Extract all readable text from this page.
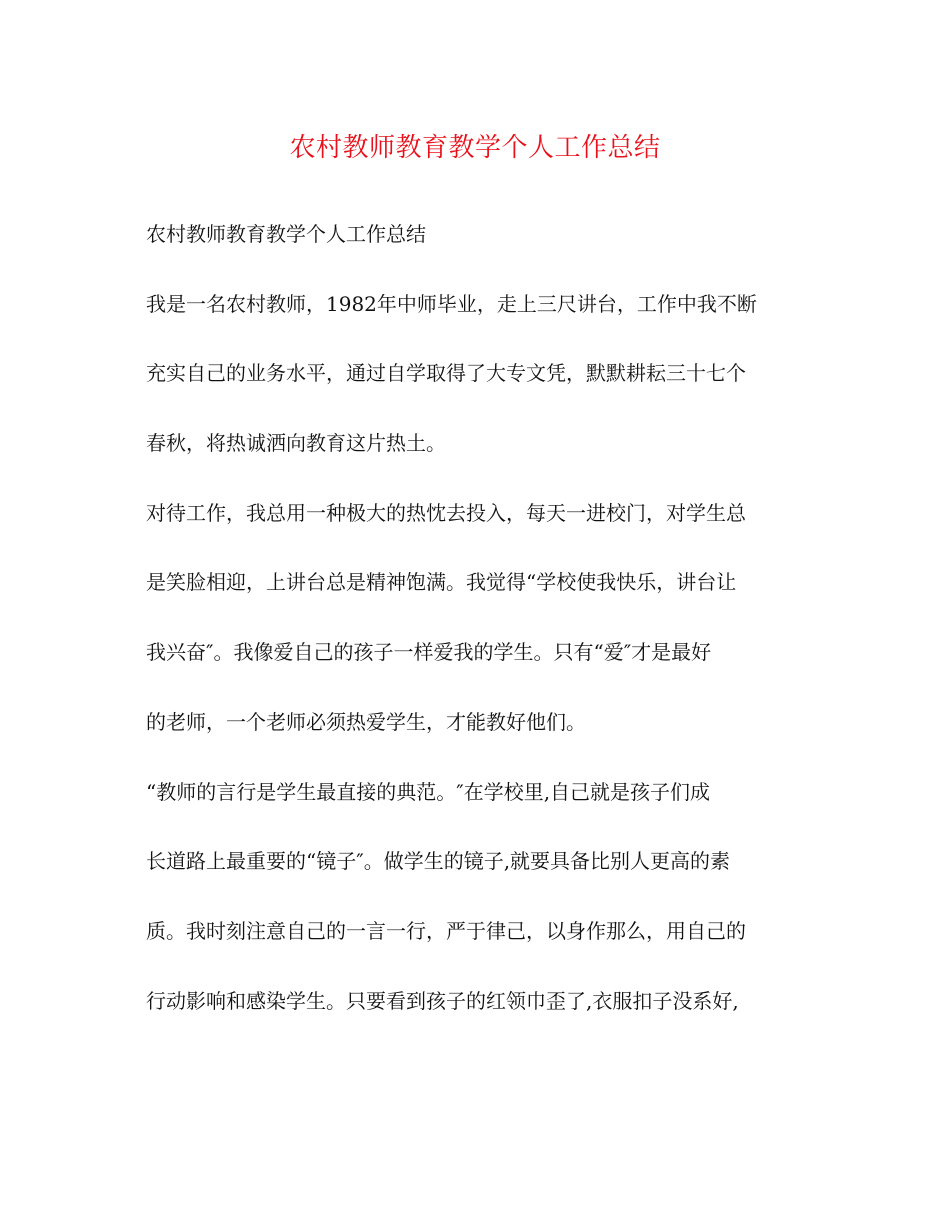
农村教师教育教学个人工作总结

农村教师教育教学个人工作总结

我是一名农村教师，1982年中师毕业，走上三尺讲台，工作中我不断

充实自己的业务水平，通过自学取得了大专文凭，默默耕耘三十七个

春秋，将热诚洒向教育这片热土。

对待工作，我总用一种极大的热忱去投入，每天一进校门，对学生总

是笑脸相迎，上讲台总是精神饱满。我觉得“学校使我快乐，讲台让

我兴奋″。我像爱自己的孩子一样爱我的学生。只有“爱″才是最好

的老师，一个老师必须热爱学生，才能教好他们。

“教师的言行是学生最直接的典范。″在学校里,自己就是孩子们成

长道路上最重要的“镜子″。做学生的镜子,就要具备比别人更高的素

质。我时刻注意自己的一言一行，严于律己，以身作那么，用自己的

行动影响和感染学生。只要看到孩子的红领巾歪了,衣服扣子没系好,
